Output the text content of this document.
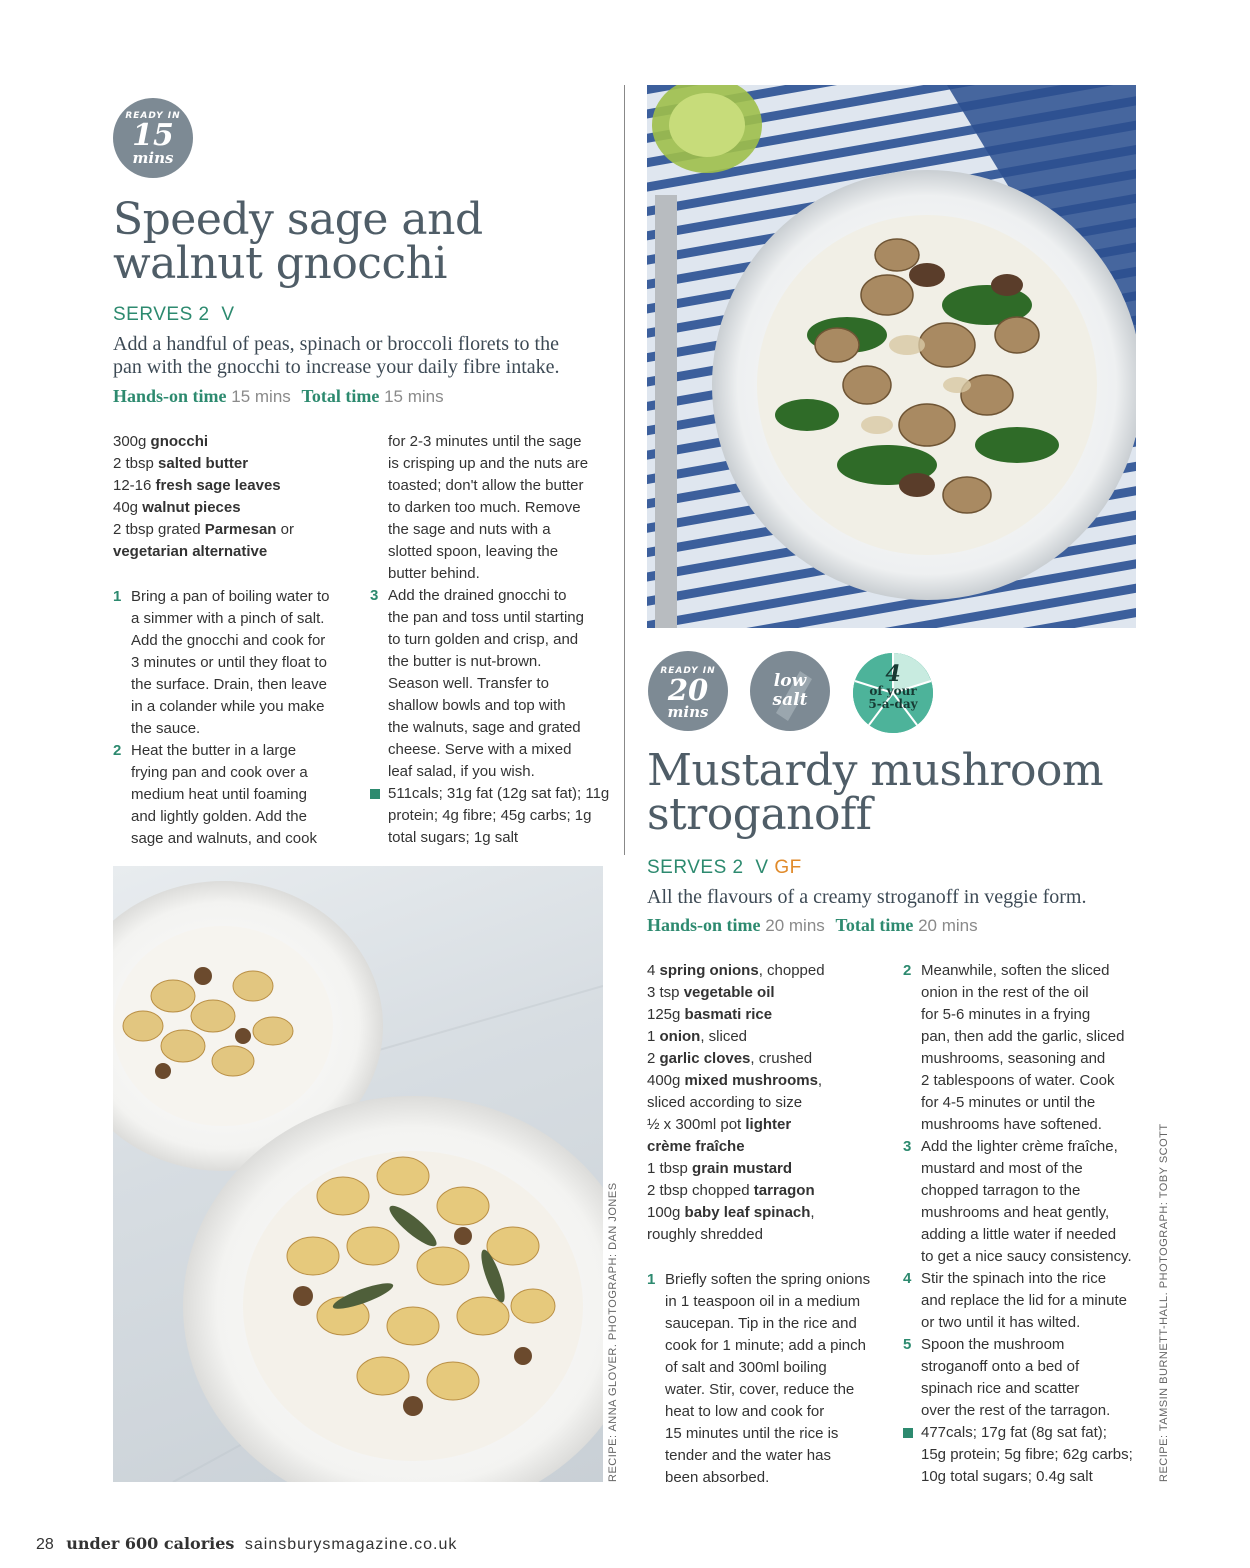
READY IN
15
mins
Speedy sage and
walnut gnocchi
SERVES 2 V
Add a handful of peas, spinach or broccoli florets to the
pan with the gnocchi to increase your daily fibre intake.
Hands-on time 15 mins Total time 15 mins
300g gnocchi
2 tbsp salted butter
12-16 fresh sage leaves
40g walnut pieces
2 tbsp grated Parmesan or
vegetarian alternative
1 Bring a pan of boiling water to
a simmer with a pinch of salt.
Add the gnocchi and cook for
3 minutes or until they float to
the surface. Drain, then leave
in a colander while you make
the sauce.
2 Heat the butter in a large
frying pan and cook over a
medium heat until foaming
and lightly golden. Add the
sage and walnuts, and cook
for 2-3 minutes until the sage
is crisping up and the nuts are
toasted; don't allow the butter
to darken too much. Remove
the sage and nuts with a
slotted spoon, leaving the
butter behind.
3 Add the drained gnocchi to
the pan and toss until starting
to turn golden and crisp, and
the butter is nut-brown.
Season well. Transfer to
shallow bowls and top with
the walnuts, sage and grated
cheese. Serve with a mixed
leaf salad, if you wish.
511cals; 31g fat (12g sat fat); 11g
protein; 4g fibre; 45g carbs; 1g
total sugars; 1g salt
RECIPE: ANNA GLOVER. PHOTOGRAPH: DAN JONES
READY IN
20
mins
low
salt
4
of your
5-a-day
Mustardy mushroom
stroganoff
SERVES 2 V GF
All the flavours of a creamy stroganoff in veggie form.
Hands-on time 20 mins Total time 20 mins
4 spring onions, chopped
3 tsp vegetable oil
125g basmati rice
1 onion, sliced
2 garlic cloves, crushed
400g mixed mushrooms,
sliced according to size
½ x 300ml pot lighter
crème fraîche
1 tbsp grain mustard
2 tbsp chopped tarragon
100g baby leaf spinach,
roughly shredded
1 Briefly soften the spring onions
in 1 teaspoon oil in a medium
saucepan. Tip in the rice and
cook for 1 minute; add a pinch
of salt and 300ml boiling
water. Stir, cover, reduce the
heat to low and cook for
15 minutes until the rice is
tender and the water has
been absorbed.
2 Meanwhile, soften the sliced
onion in the rest of the oil
for 5-6 minutes in a frying
pan, then add the garlic, sliced
mushrooms, seasoning and
2 tablespoons of water. Cook
for 4-5 minutes or until the
mushrooms have softened.
3 Add the lighter crème fraîche,
mustard and most of the
chopped tarragon to the
mushrooms and heat gently,
adding a little water if needed
to get a nice saucy consistency.
4 Stir the spinach into the rice
and replace the lid for a minute
or two until it has wilted.
5 Spoon the mushroom
stroganoff onto a bed of
spinach rice and scatter
over the rest of the tarragon.
477cals; 17g fat (8g sat fat);
15g protein; 5g fibre; 62g carbs;
10g total sugars; 0.4g salt	RECIPE: TAMSIN BURNETT-HALL. PHOTOGRAPH: TOBY SCOTT
28 under 600 calories sainsburysmagazine.co.uk
